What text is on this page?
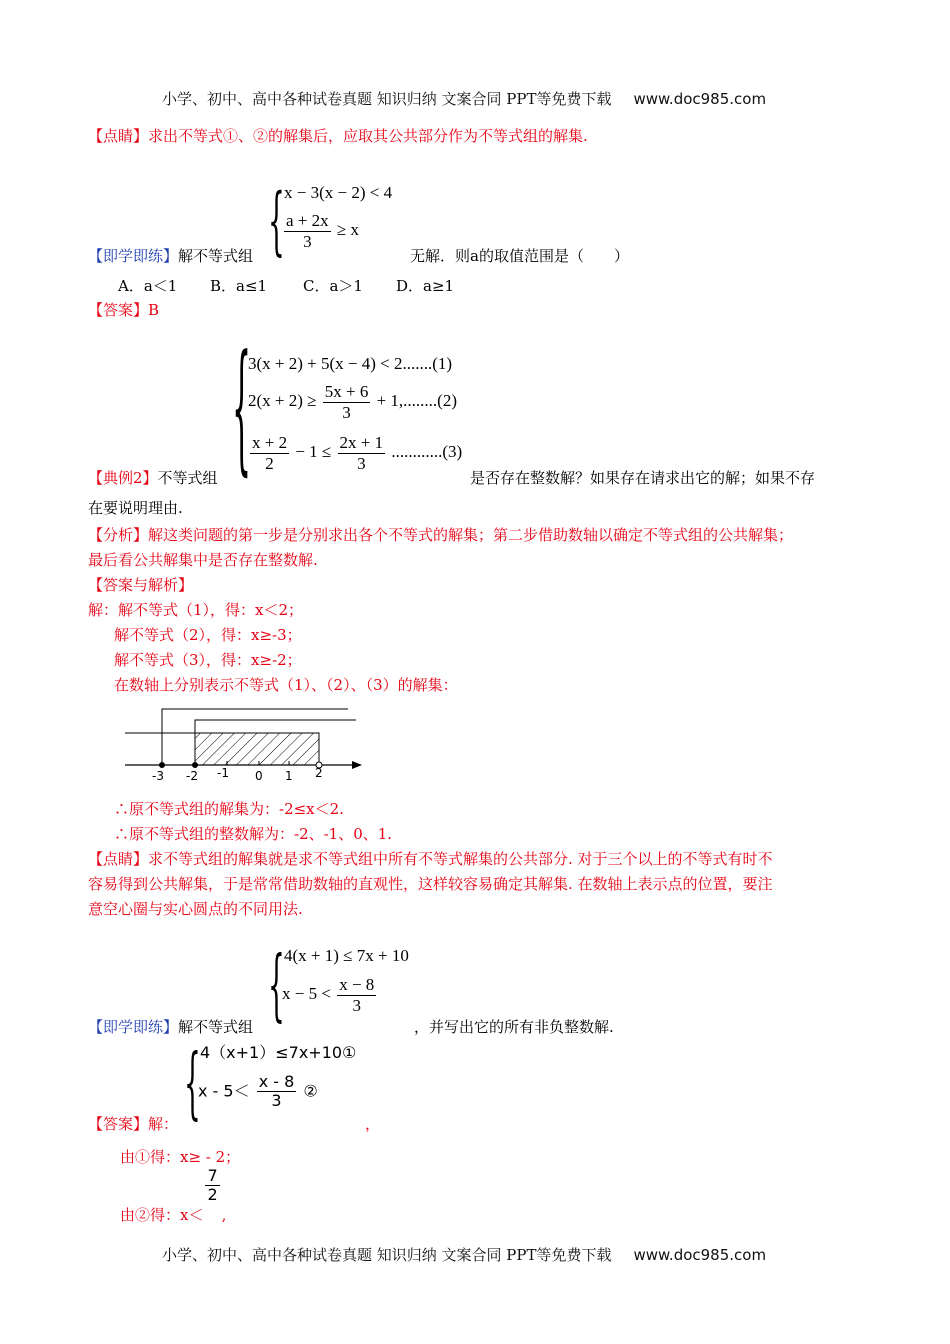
小学、初中、高中各种试卷真题 知识归纳 文案合同 PPT等免费下载 www.doc985.com
【点睛】求出不等式①、②的解集后，应取其公共部分作为不等式组的解集.
{ x − 3(x − 2) < 4
$\frac{a + 2x}{3} \ge x$
【即学即练】解不等式组	无解．则a的取值范围是（　　）
A．a＜1 B．a≤1 C．a＞1 D．a≥1
【答案】B
{
3(x + 2) + 5(x − 4) < 2.......(1)
$2(x + 2) \ge \frac{5x + 6}{3} + 1,........(2)$
$\frac{x + 2}{2} - 1 \le \frac{2x + 1}{3} ............(3)$
【典例2】不等式组	是否存在整数解？如果存在请求出它的解；如果不存
在要说明理由.
【分析】解这类问题的第一步是分别求出各个不等式的解集；第二步借助数轴以确定不等式组的公共解集；
最后看公共解集中是否存在整数解.
【答案与解析】
解：解不等式（1），得：x＜2；
解不等式（2），得：x≥-3；
解不等式（3），得：x≥-2；
在数轴上分别表示不等式（1）、（2）、（3）的解集：
-3 -2 -1 0 1 2
∴原不等式组的解集为：-2≤x＜2.
∴原不等式组的整数解为：-2、-1、0、1.
【点睛】求不等式组的解集就是求不等式组中所有不等式解集的公共部分. 对于三个以上的不等式有时不
容易得到公共解集，于是常常借助数轴的直观性，这样较容易确定其解集. 在数轴上表示点的位置，要注
意空心圈与实心圆点的不同用法.
{ 4(x + 1) ≤ 7x + 10
$x - 5 < \frac{x - 8}{3}$
【即学即练】解不等式组	，并写出它的所有非负整数解.
{ 4（x+1）≤7x+10①
$x - 5< \frac{x - 8}{3}$ ②
【答案】解：	，
由①得：x≥ - 2；
由②得：x＜
$\frac{7}{2}$
,
小学、初中、高中各种试卷真题 知识归纳 文案合同 PPT等免费下载 www.doc985.com
